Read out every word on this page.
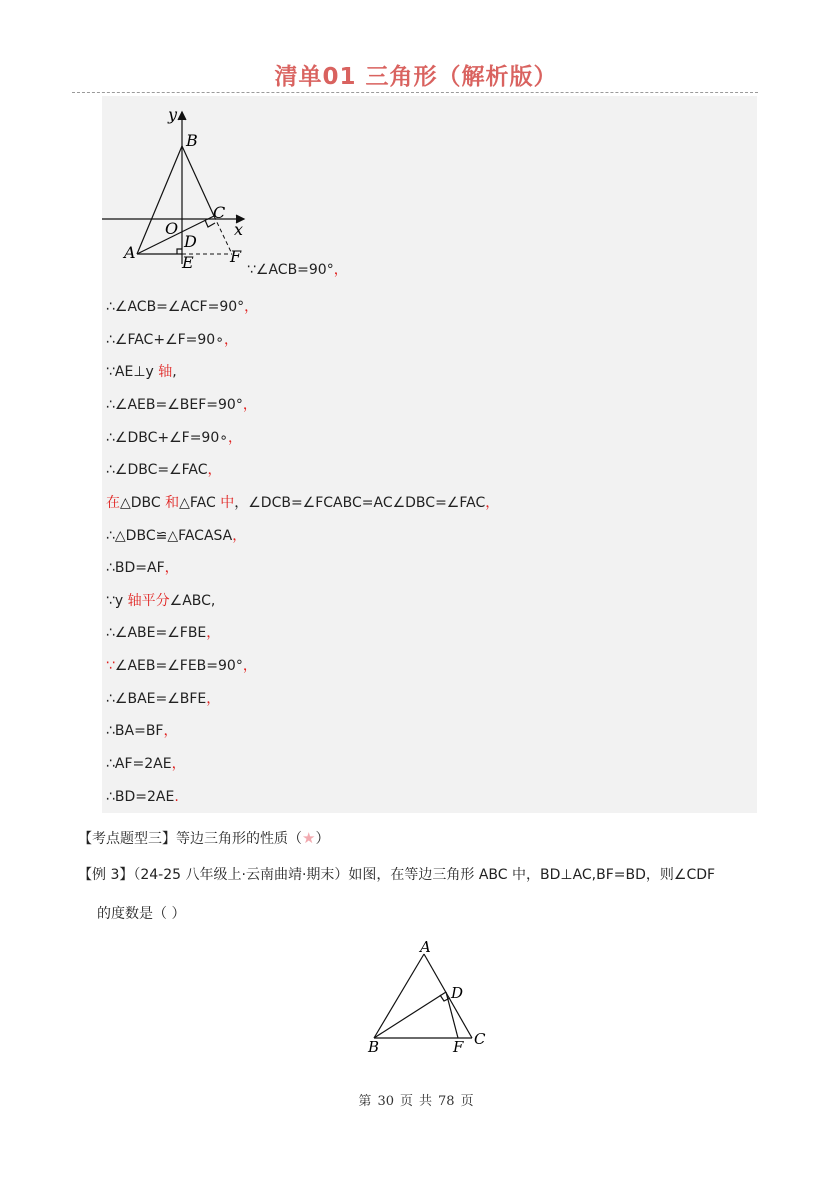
清单01 三角形（解析版）
y
B
C
O	x
D
A
E F
∵∠ACB=90°，
∴∠ACB=∠ACF=90°，
∴∠FAC+∠F=90∘，
∵AE⊥y 轴,
∴∠AEB=∠BEF=90°，
∴∠DBC+∠F=90∘，
∴∠DBC=∠FAC，
在△DBC 和△FAC 中，∠DCB=∠FCABC=AC∠DBC=∠FAC，
∴△DBC≌△FACASA，
∴BD=AF，
∵y 轴平分∠ABC,
∴∠ABE=∠FBE，
∵∠AEB=∠FEB=90°，
∴∠BAE=∠BFE，
∴BA=BF，
∴AF=2AE，
∴BD=2AE.
【考点题型三】等边三角形的性质（★）
【例 3】（24-25 八年级上·云南曲靖·期末）如图，在等边三角形 ABC 中，BD⊥AC,BF=BD，则∠CDF
的度数是（ ）
A
D
B	F C
第 30 页 共 78 页
